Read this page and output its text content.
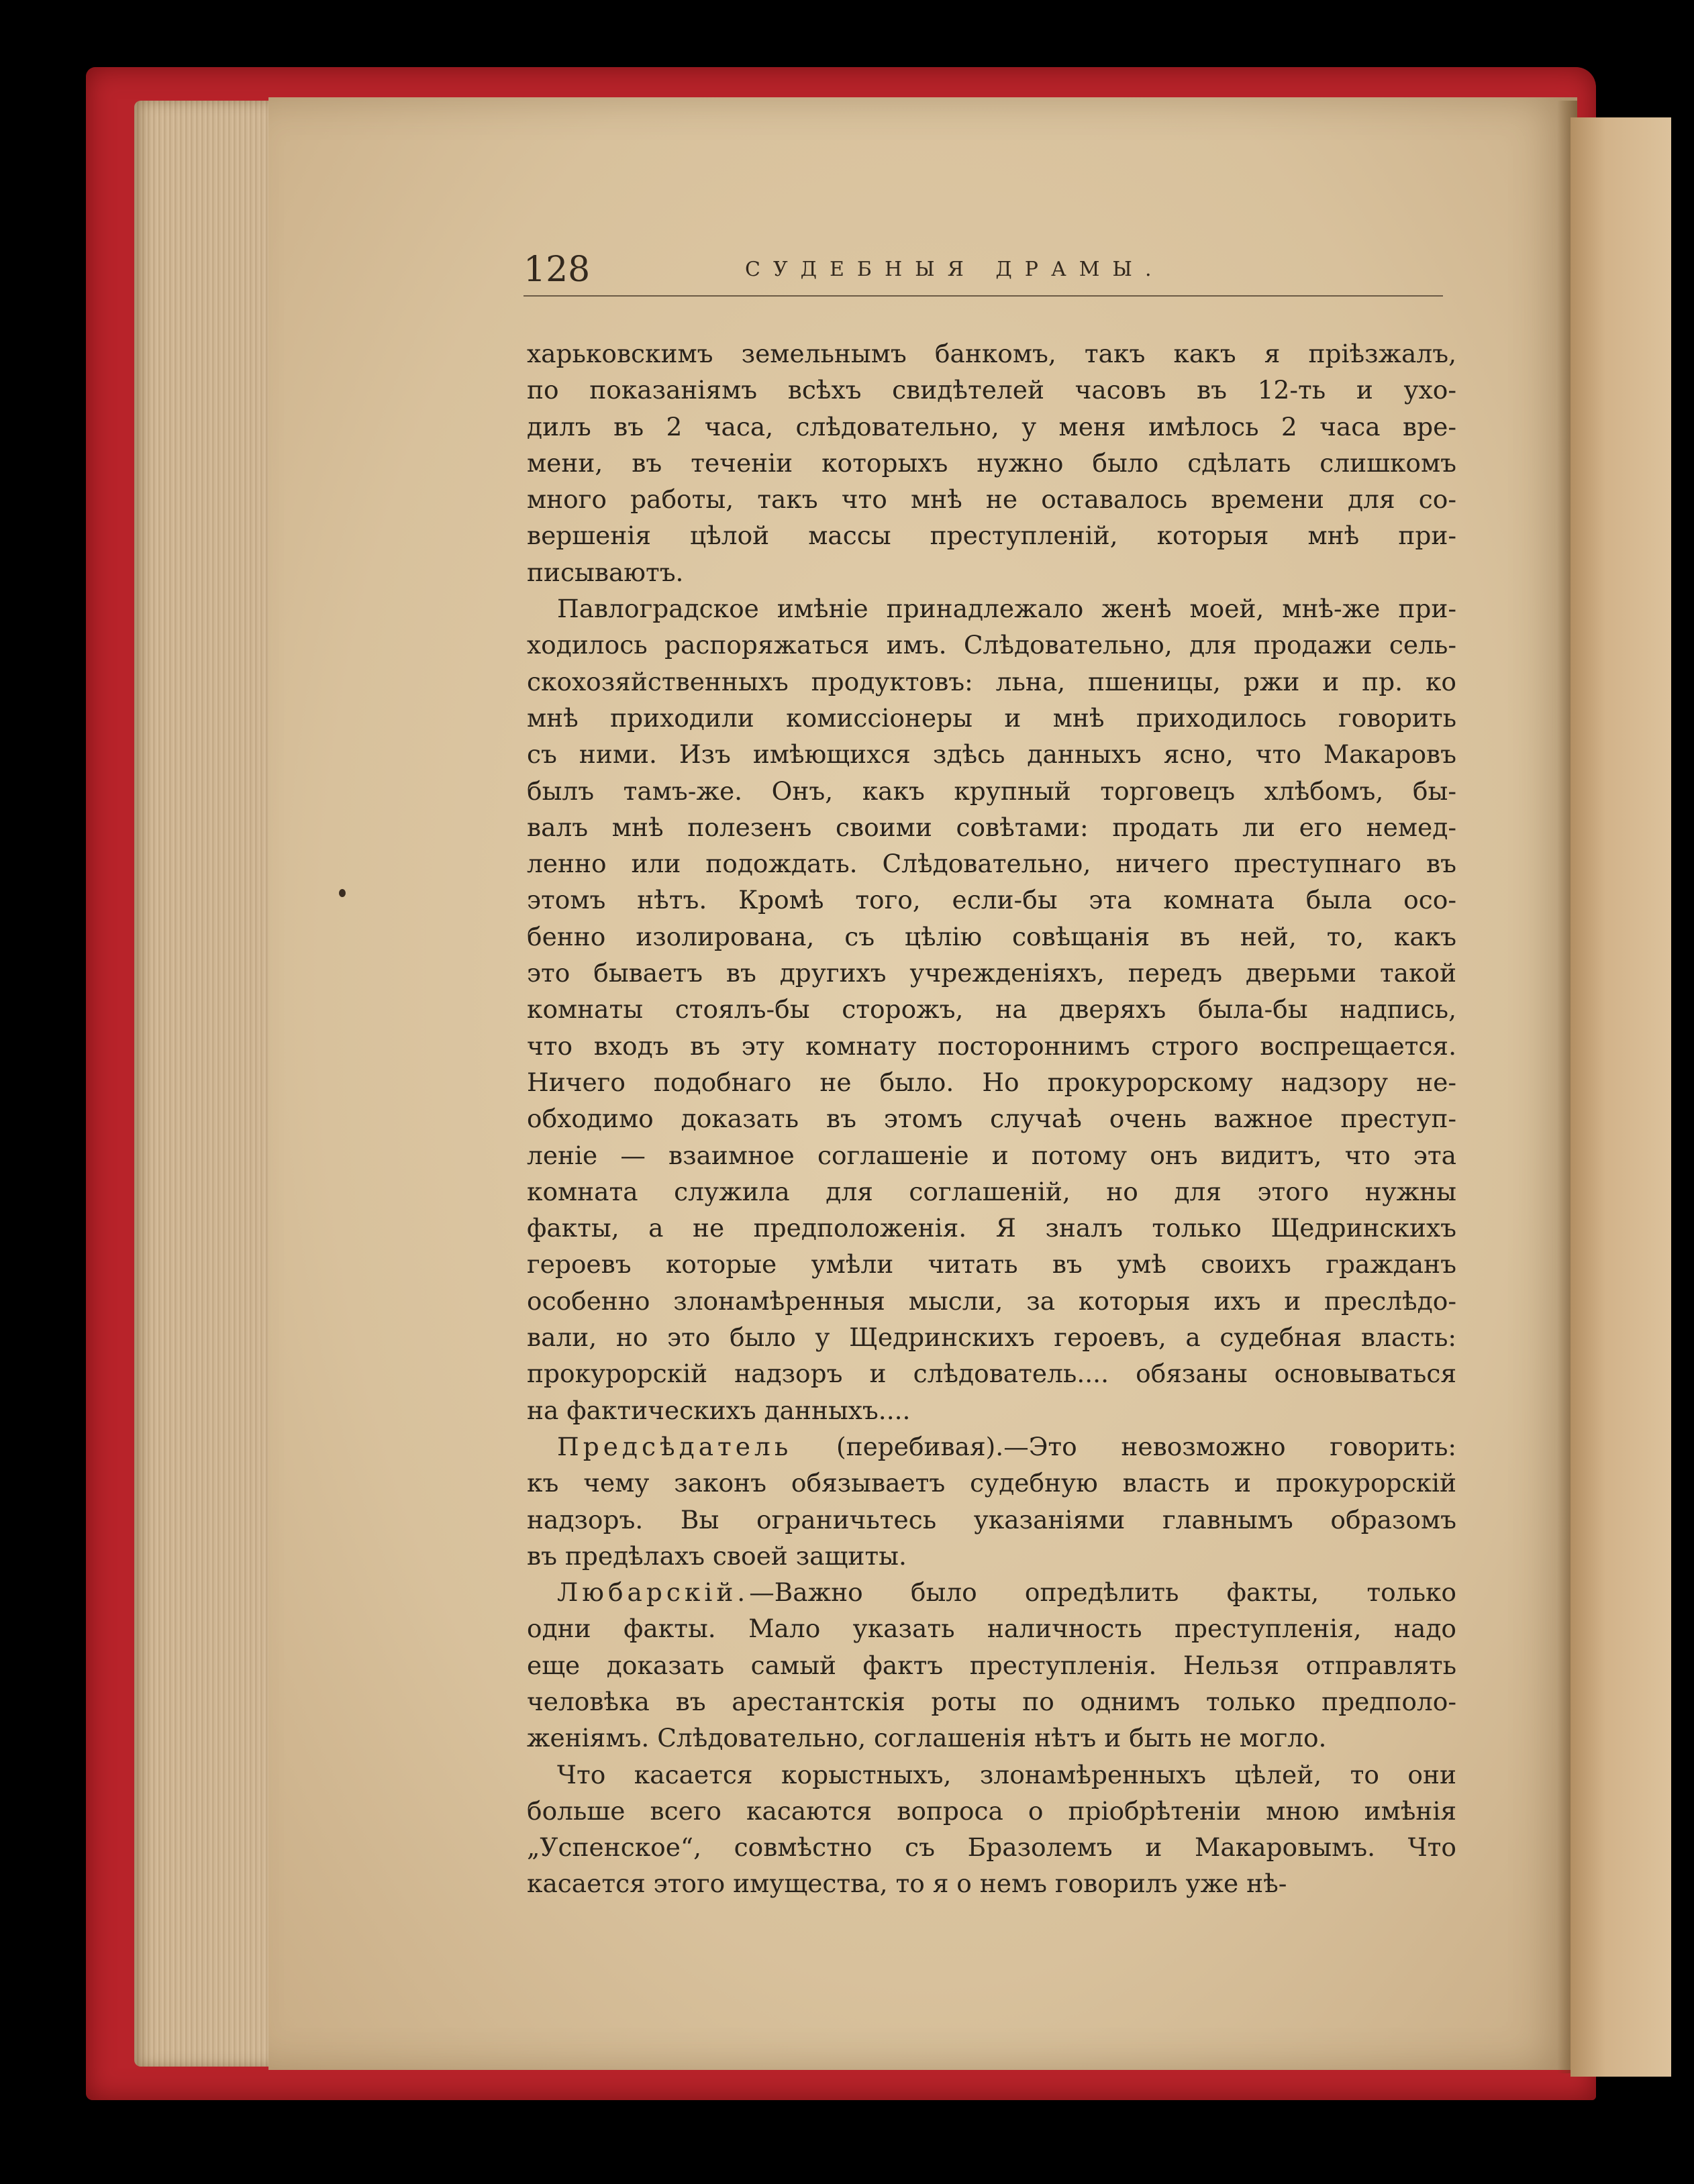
128	СУДЕБНЫЯ ДРАМЫ.
харьковскимъ земельнымъ банкомъ, такъ какъ я прiѣзжалъ,
по показанiямъ всѣхъ свидѣтелей часовъ въ 12-ть и ухо-
дилъ въ 2 часа, слѣдовательно, у меня имѣлось 2 часа вре-
мени, въ теченiи которыхъ нужно было сдѣлать слишкомъ
много работы, такъ что мнѣ не оставалось времени для со-
вершенiя цѣлой массы преступленiй, которыя мнѣ при-
писываютъ.
Павлоградское имѣнiе принадлежало женѣ моей, мнѣ-же при-
ходилось распоряжаться имъ. Слѣдовательно, для продажи сель-
скохозяйственныхъ продуктовъ: льна, пшеницы, ржи и пр. ко
мнѣ приходили комиссiонеры и мнѣ приходилось говорить
съ ними. Изъ имѣющихся здѣсь данныхъ ясно, что Макаровъ
былъ тамъ-же. Онъ, какъ крупный торговецъ хлѣбомъ, бы-
валъ мнѣ полезенъ своими совѣтами: продать ли его немед-
ленно или подождать. Слѣдовательно, ничего преступнаго въ
этомъ нѣтъ. Кромѣ того, если-бы эта комната была осо-
бенно изолирована, съ цѣлiю совѣщанiя въ ней, то, какъ
это бываетъ въ другихъ учрежденiяхъ, передъ дверьми такой
комнаты стоялъ-бы сторожъ, на дверяхъ была-бы надпись,
что входъ въ эту комнату постороннимъ строго воспрещается.
Ничего подобнаго не было. Но прокурорскому надзору не-
обходимо доказать въ этомъ случаѣ очень важное преступ-
ленiе — взаимное соглашенiе и потому онъ видитъ, что эта
комната служила для соглашенiй, но для этого нужны
факты, а не предположенiя. Я зналъ только Щедринскихъ
героевъ которые умѣли читать въ умѣ своихъ гражданъ
особенно злонамѣренныя мысли, за которыя ихъ и преслѣдо-
вали, но это было у Щедринскихъ героевъ, а судебная власть:
прокурорскiй надзоръ и слѣдователь.... обязаны основываться
на фактическихъ данныхъ....
Предсѣдатель (перебивая).—Это невозможно говорить:
къ чему законъ обязываетъ судебную власть и прокурорскiй
надзоръ. Вы ограничьтесь указанiями главнымъ образомъ
въ предѣлахъ своей защиты.
Любарскiй.—Важно было опредѣлить факты, только
одни факты. Мало указать наличность преступленiя, надо
еще доказать самый фактъ преступленiя. Нельзя отправлять
человѣка въ арестантскiя роты по однимъ только предполо-
женiямъ. Слѣдовательно, соглашенiя нѣтъ и быть не могло.
Что касается корыстныхъ, злонамѣренныхъ цѣлей, то они
больше всего касаются вопроса о прiобрѣтенiи мною имѣнiя
„Успенское“, совмѣстно съ Бразолемъ и Макаровымъ. Что
касается этого имущества, то я о немъ говорилъ уже нѣ-
